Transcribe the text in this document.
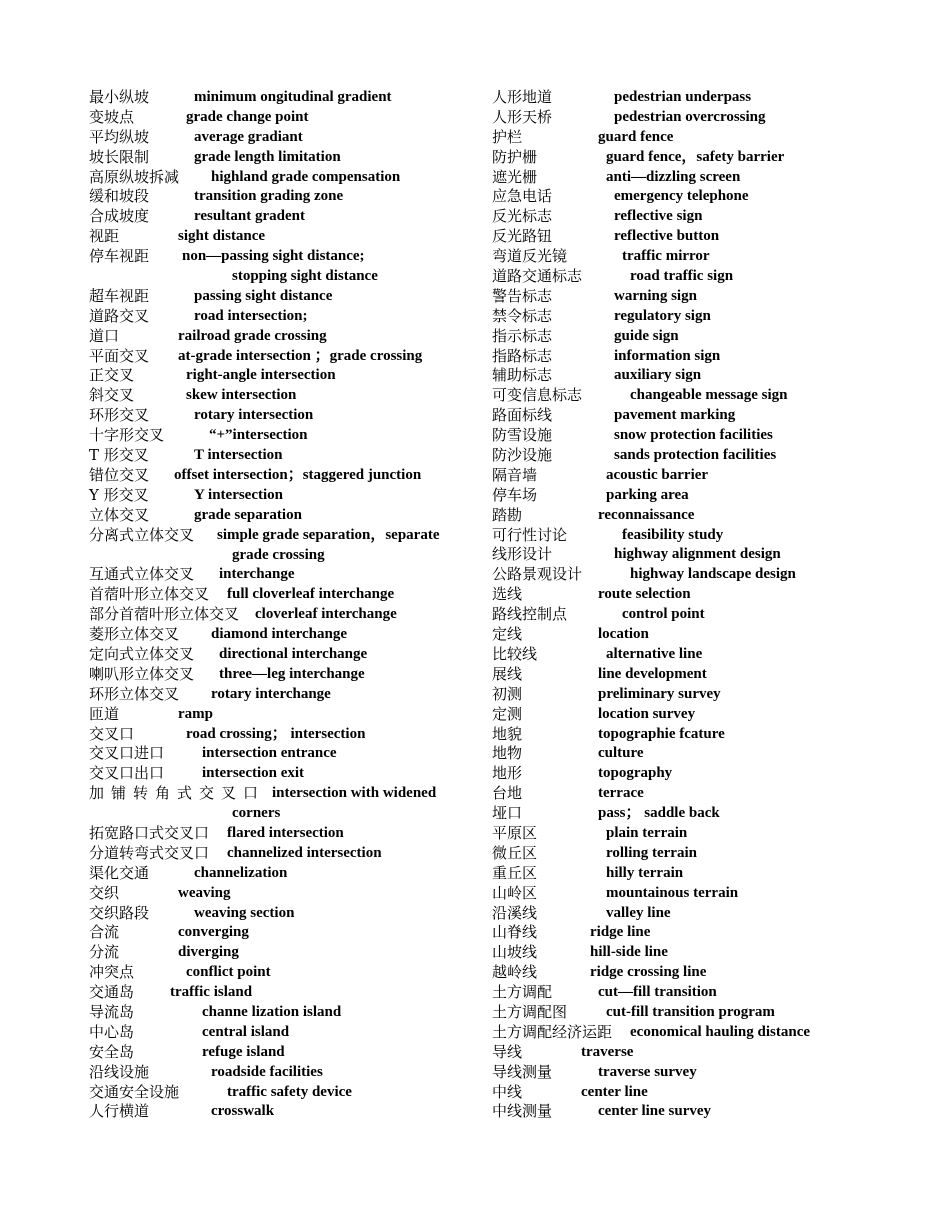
最小纵坡	minimum ongitudinal gradient
变坡点	grade change point
平均纵坡	average gradiant
坡长限制	grade length limitation
高原纵坡拆减 highland grade compensation
缓和坡段	transition grading zone
合成坡度	resultant gradent
视距	sight distance
停车视距 non—passing sight distance;
stopping sight distance
超车视距	passing sight distance
道路交叉	road intersection;
道口	railroad grade crossing
平面交叉 at-grade intersection ；grade crossing
正交叉	right-angle intersection
斜交叉	skew intersection
环形交叉	rotary intersection
十字形交叉	“+”intersection
T 形交叉	T intersection
错位交叉 offset intersection；staggered junction
Y 形交叉	Y intersection
立体交叉	grade separation
分离式立体交叉 simple grade separation，separate
grade crossing
互通式立体交叉 interchange
首蓿叶形立体交叉 full cloverleaf interchange
部分首蓿叶形立体交叉 cloverleaf interchange
菱形立体交叉 diamond interchange
定向式立体交叉 directional interchange
喇叭形立体交叉 three—leg interchange
环形立体交叉 rotary interchange
匝道	ramp
交叉口	road crossing； intersection
交叉口进口	intersection entrance
交叉口出口	intersection exit
加铺转角式交叉口 intersection with widened
corners
拓宽路口式交叉口 flared intersection
分道转弯式交叉口 channelized intersection
渠化交通	channelization
交织	weaving
交织路段	weaving section
合流	converging
分流	diverging
冲突点	conflict point
交通岛 traffic island
导流岛	channe lization island
中心岛	central island
安全岛	refuge island
沿线设施	roadside facilities
交通安全设施	traffic safety device
人行横道	crosswalk
人形地道	pedestrian underpass
人形天桥	pedestrian overcrossing
护栏	guard fence
防护栅	guard fence，safety barrier
遮光栅	anti—dizzling screen
应急电话	emergency telephone
反光标志	reflective sign
反光路钮	reflective button
弯道反光镜	traffic mirror
道路交通标志	road traffic sign
警告标志	warning sign
禁令标志	regulatory sign
指示标志	guide sign
指路标志	information sign
辅助标志	auxiliary sign
可变信息标志	changeable message sign
路面标线	pavement marking
防雪设施	snow protection facilities
防沙设施	sands protection facilities
隔音墙	acoustic barrier
停车场	parking area
踏勘	reconnaissance
可行性讨论	feasibility study
线形设计	highway alignment design
公路景观设计	highway landscape design
选线	route selection
路线控制点	control point
定线	location
比较线	alternative line
展线	line development
初测	preliminary survey
定测	location survey
地貌	topographie fcature
地物	culture
地形	topography
台地	terrace
垭口	pass； saddle back
平原区	plain terrain
微丘区	rolling terrain
重丘区	hilly terrain
山岭区	mountainous terrain
沿溪线	valley line
山脊线	ridge line
山坡线	hill-side line
越岭线	ridge crossing line
土方调配	cut—fill transition
土方调配图	cut-fill transition program
土方调配经济运距 economical hauling distance
导线	traverse
导线测量	traverse survey
中线	center line
中线测量	center line survey
